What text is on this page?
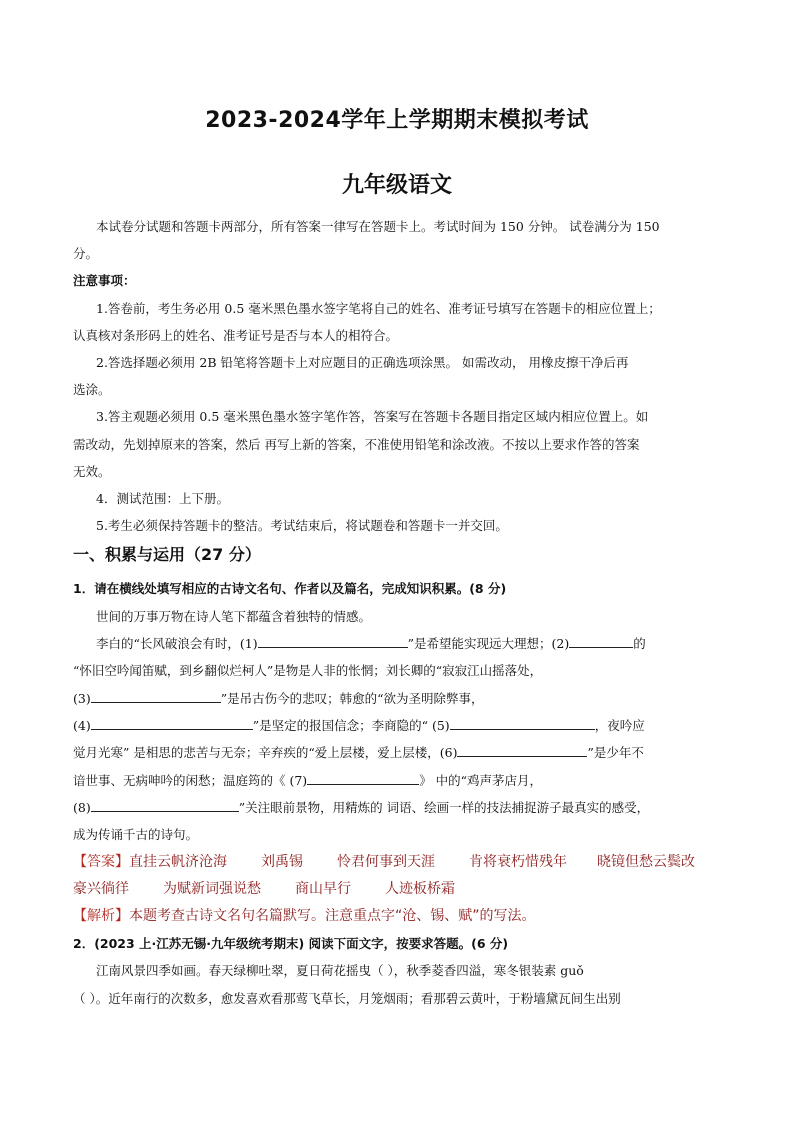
2023-2024学年上学期期末模拟考试
九年级语文
本试卷分试题和答题卡两部分，所有答案一律写在答题卡上。考试时间为 150 分钟。 试卷满分为 150
分。
注意事项：
1.答卷前，考生务必用 0.5 毫米黑色墨水签字笔将自己的姓名、准考证号填写在答题卡的相应位置上；
认真核对条形码上的姓名、准考证号是否与本人的相符合。
2.答选择题必须用 2B 铅笔将答题卡上对应题目的正确选项涂黑。 如需改动， 用橡皮擦干净后再
选涂。
3.答主观题必须用 0.5 毫米黑色墨水签字笔作答，答案写在答题卡各题目指定区域内相应位置上。如
需改动，先划掉原来的答案，然后 再写上新的答案，不准使用铅笔和涂改液。不按以上要求作答的答案
无效。
4．测试范围：上下册。
5.考生必须保持答题卡的整洁。考试结束后，将试题卷和答题卡一并交回。
一、积累与运用（27 分）
1．请在横线处填写相应的古诗文名句、作者以及篇名，完成知识积累。(8 分)
世间的万事万物在诗人笔下都蕴含着独特的情感。
李白的“长风破浪会有时，(1)	”是希望能实现远大理想；(2)	的
“怀旧空吟闻笛赋，到乡翻似烂柯人”是物是人非的怅惘；刘长卿的“寂寂江山摇落处，
(3)	”是吊古伤今的悲叹；韩愈的“欲为圣明除弊事，
(4)	”是坚定的报国信念；李商隐的“ (5)	，夜吟应
觉月光寒” 是相思的悲苦与无奈；辛弃疾的“爱上层楼，爱上层楼，(6)	”是少年不
谙世事、无病呻吟的闲愁；温庭筠的《 (7)	》 中的“鸡声茅店月，
(8)	”关注眼前景物，用精炼的 词语、绘画一样的技法捕捉游子最真实的感受，
成为传诵千古的诗句。
【答案】直挂云帆济沧海 刘禹锡 怜君何事到天涯 肯将衰朽惜残年 晓镜但愁云鬓改
豪兴徜徉 为赋新词强说愁 商山早行 人迹板桥霜
【解析】本题考查古诗文名句名篇默写。注意重点字“沧、锡、赋”的写法。
2．(2023 上·江苏无锡·九年级统考期末) 阅读下面文字，按要求答题。(6 分)
江南风景四季如画。春天绿柳吐翠，夏日荷花摇曳（ ），秋季菱香四溢，寒冬银装素 guǒ
（ ）。近年南行的次数多，愈发喜欢看那莺飞草长，月笼烟雨；看那碧云黄叶，于粉墙黛瓦间生出别
